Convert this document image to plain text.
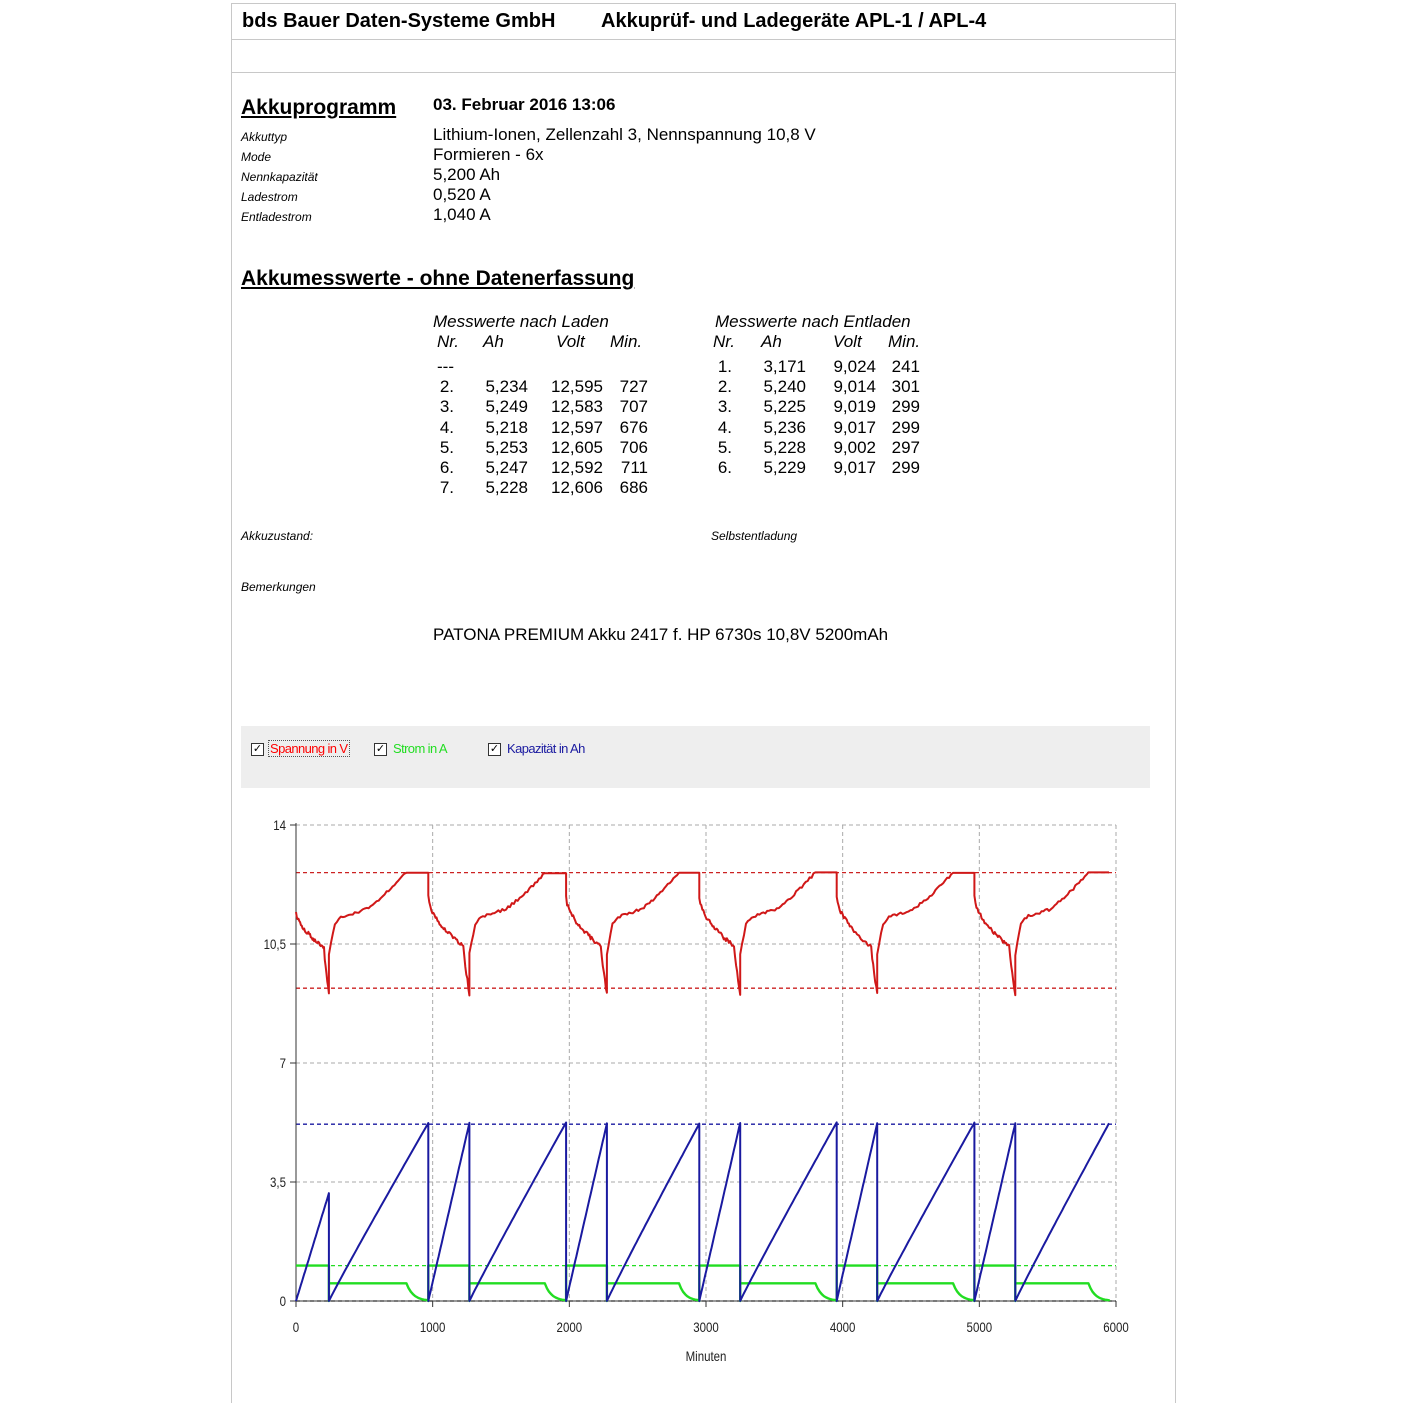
bds Bauer Daten-Systeme GmbH Akkuprüf- und Ladegeräte APL-1 / APL-4
Akkuprogramm 03. Februar 2016 13:06
Akkuttyp	Lithium-Ionen, Zellenzahl 3, Nennspannung 10,8 V
Mode	Formieren - 6x
Nennkapazität	5,200 Ah
Ladestrom	0,520 A
Entladestrom	1,040 A
Akkumesswerte - ohne Datenerfassung
Messwerte nach Laden	Messwerte nach Entladen
Nr. Ah	Volt Min.
---
2.	5,234	12,595 727
3.	5,249	12,583 707
4.	5,218	12,597 676
5.	5,253	12,605 706
6.	5,247	12,592	711
7.	5,228	12,606 686
Nr. Ah	Volt Min.
1.	3,171	9,024 241
2.	5,240	9,014 301
3.	5,225	9,019 299
4.	5,236	9,017 299
5.	5,228	9,002 297
6.	5,229	9,017 299
Akkuzustand:	Selbstentladung
Bemerkungen
PATONA PREMIUM Akku 2417 f. HP 6730s 10,8V 5200mAh
✓ Spannung in V	✓ Strom in A	✓ Kapazität in Ah
0	1000	2000	3000	4000	5000	6000
0
3,5
7
10,5
14
Minuten
